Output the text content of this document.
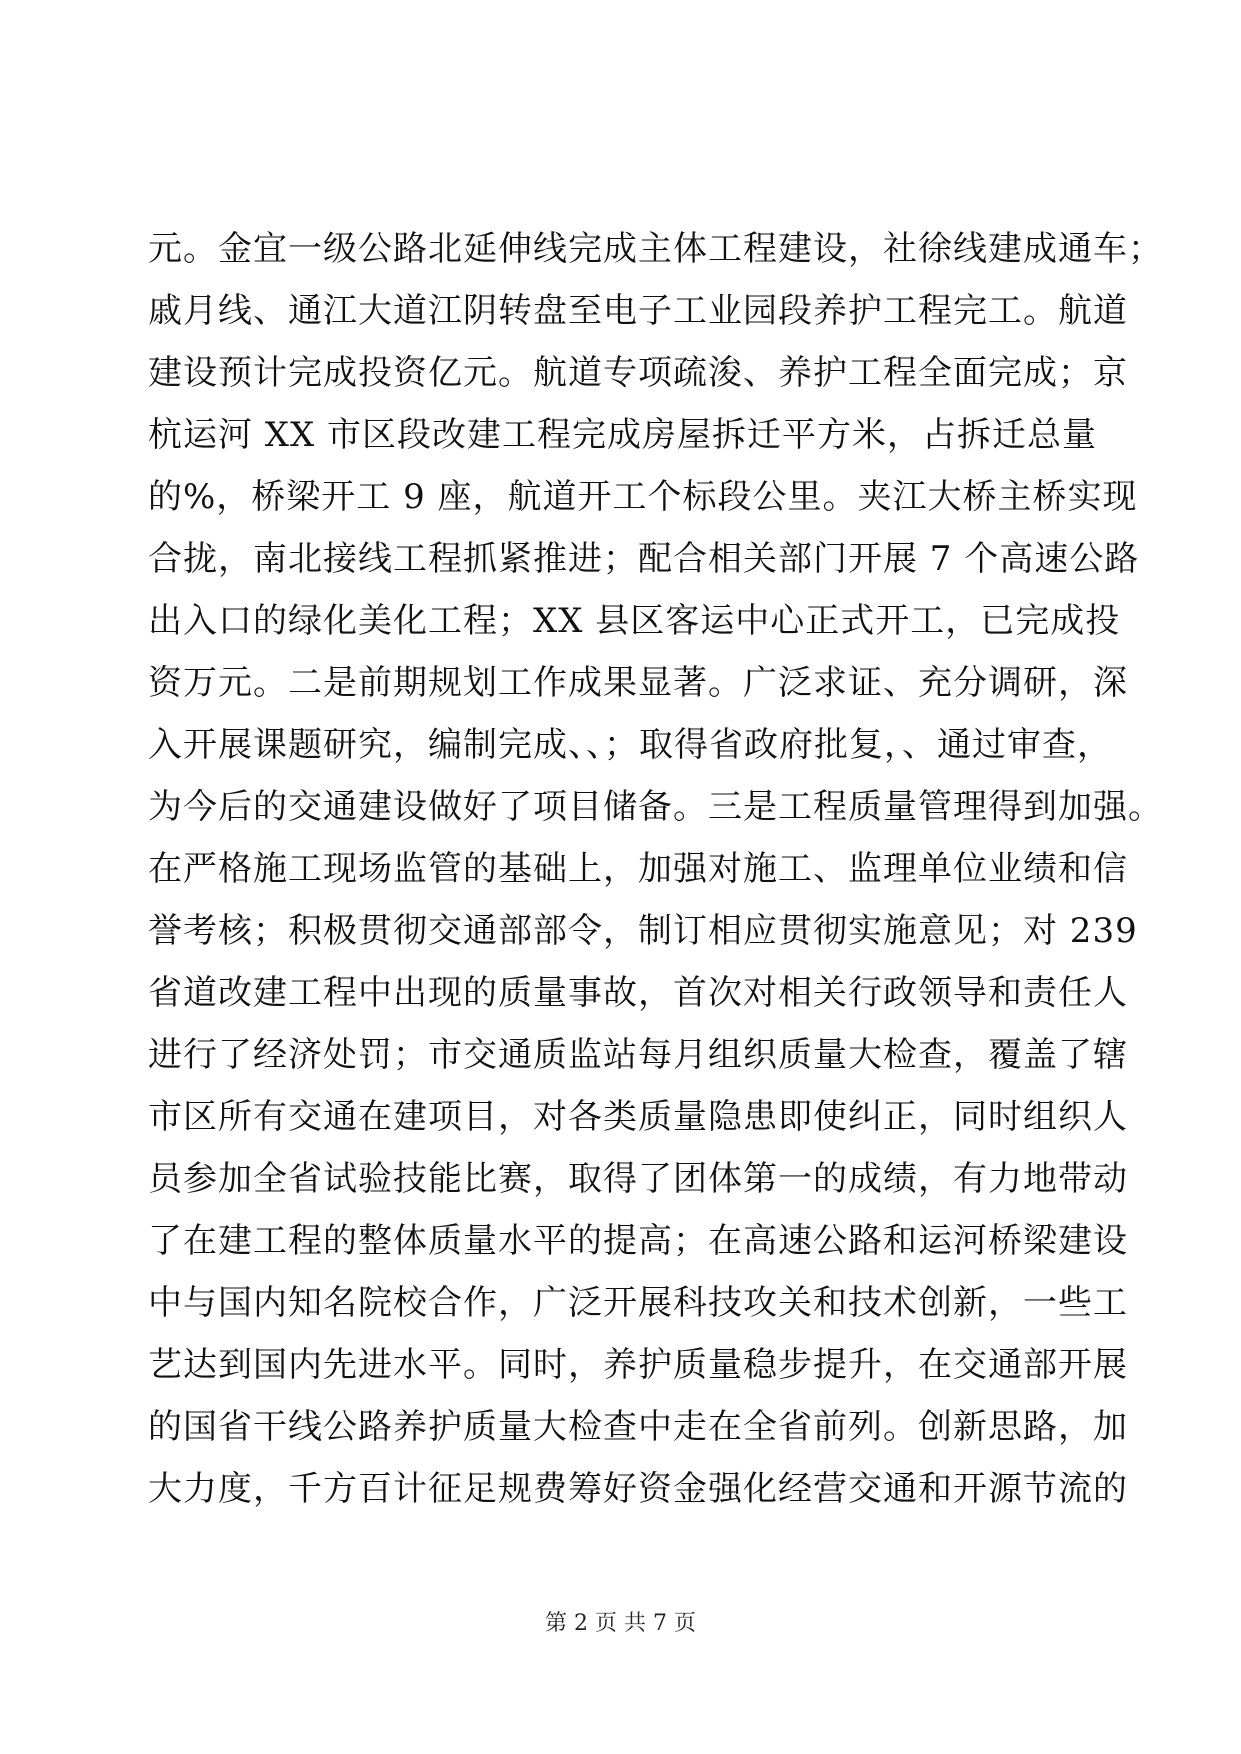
元。金宜一级公路北延伸线完成主体工程建设，社徐线建成通车；
戚月线、通江大道江阴转盘至电子工业园段养护工程完工。航道
建设预计完成投资亿元。航道专项疏浚、养护工程全面完成；京
杭运河 XX 市区段改建工程完成房屋拆迁平方米，占拆迁总量
的%，桥梁开工 9 座，航道开工个标段公里。夹江大桥主桥实现
合拢，南北接线工程抓紧推进；配合相关部门开展 7 个高速公路
出入口的绿化美化工程；XX 县区客运中心正式开工，已完成投
资万元。二是前期规划工作成果显著。广泛求证、充分调研，深
入开展课题研究，编制完成、、；取得省政府批复，、通过审查，
为今后的交通建设做好了项目储备。三是工程质量管理得到加强。
在严格施工现场监管的基础上，加强对施工、监理单位业绩和信
誉考核；积极贯彻交通部部令，制订相应贯彻实施意见；对 239
省道改建工程中出现的质量事故，首次对相关行政领导和责任人
进行了经济处罚；市交通质监站每月组织质量大检查，覆盖了辖
市区所有交通在建项目，对各类质量隐患即使纠正，同时组织人
员参加全省试验技能比赛，取得了团体第一的成绩，有力地带动
了在建工程的整体质量水平的提高；在高速公路和运河桥梁建设
中与国内知名院校合作，广泛开展科技攻关和技术创新，一些工
艺达到国内先进水平。同时，养护质量稳步提升，在交通部开展
的国省干线公路养护质量大检查中走在全省前列。创新思路，加
大力度，千方百计征足规费筹好资金强化经营交通和开源节流的
第 2 页 共 7 页
